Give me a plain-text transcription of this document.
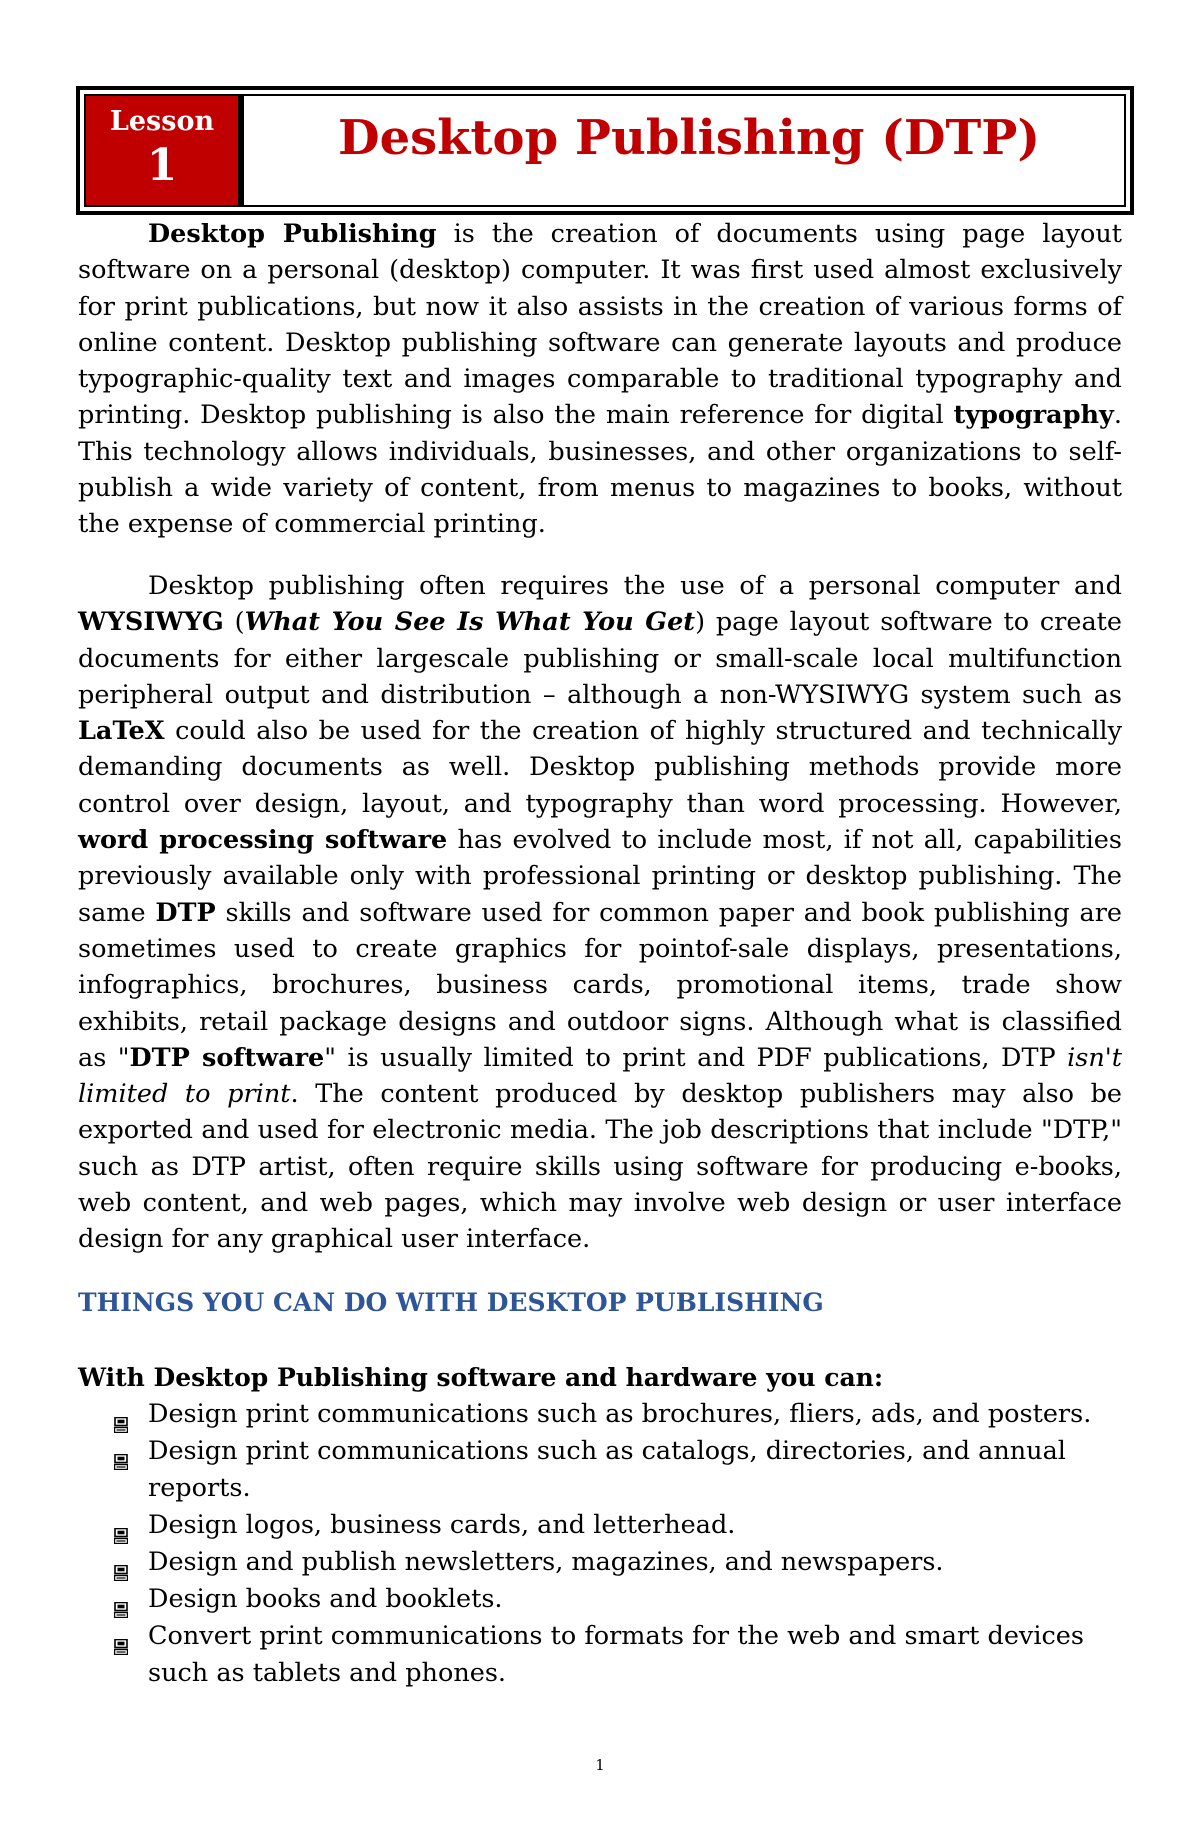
Lesson
1	Desktop Publishing (DTP)
Desktop Publishing is the creation of documents using page layout software on a personal (desktop) computer. It was first used almost exclusively for print publications, but now it also assists in the creation of various forms of online content. Desktop publishing software can generate layouts and produce typographic-quality text and images comparable to traditional typography and printing. Desktop publishing is also the main reference for digital typography. This technology allows individuals, businesses, and other organizations to self-publish a wide variety of content, from menus to magazines to books, without the expense of commercial printing.
Desktop publishing often requires the use of a personal computer and WYSIWYG (What You See Is What You Get) page layout software to create documents for either largescale publishing or small-scale local multifunction peripheral output and distribution – although a non-WYSIWYG system such as LaTeX could also be used for the creation of highly structured and technically demanding documents as well. Desktop publishing methods provide more control over design, layout, and typography than word processing. However, word processing software has evolved to include most, if not all, capabilities previously available only with professional printing or desktop publishing. The same DTP skills and software used for common paper and book publishing are sometimes used to create graphics for pointof-sale displays, presentations, infographics, brochures, business cards, promotional items, trade show exhibits, retail package designs and outdoor signs. Although what is classified as "DTP software" is usually limited to print and PDF publications, DTP isn't limited to print. The content produced by desktop publishers may also be exported and used for electronic media. The job descriptions that include "DTP," such as DTP artist, often require skills using software for producing e-books, web content, and web pages, which may involve web design or user interface design for any graphical user interface.
THINGS YOU CAN DO WITH DESKTOP PUBLISHING
With Desktop Publishing software and hardware you can:
Design print communications such as brochures, fliers, ads, and posters.
Design print communications such as catalogs, directories, and annual reports.
Design logos, business cards, and letterhead.
Design and publish newsletters, magazines, and newspapers.
Design books and booklets.
Convert print communications to formats for the web and smart devices such as tablets and phones.
1
